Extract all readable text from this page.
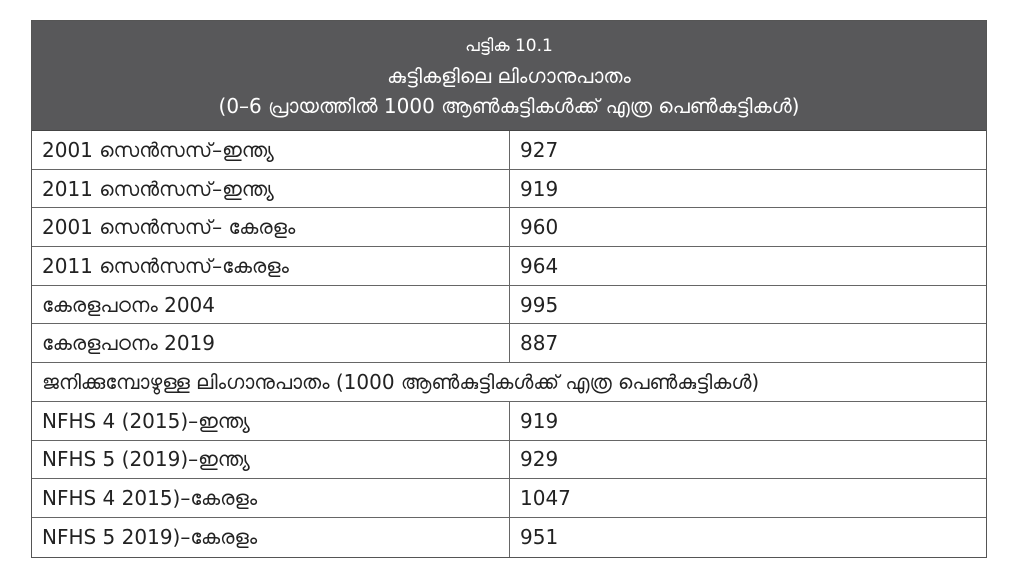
പട്ടിക 10.1
കുട്ടികളിലെ ലിംഗാനുപാതം
(0–6 പ്രായത്തിൽ 1000 ആൺകുട്ടികൾക്ക് എത്ര പെൺകുട്ടികൾ)
2001 സെൻസസ്–ഇന്ത്യ	927
2011 സെൻസസ്–ഇന്ത്യ	919
2001 സെൻസസ്– കേരളം	960
2011 സെൻസസ്–കേരളം	964
കേരളപഠനം 2004	995
കേരളപഠനം 2019	887
ജനിക്കുമ്പോഴുള്ള ലിംഗാനുപാതം (1000 ആൺകുട്ടികൾക്ക് എത്ര പെൺകുട്ടികൾ)
NFHS 4 (2015)–ഇന്ത്യ	919
NFHS 5 (2019)–ഇന്ത്യ	929
NFHS 4 2015)–കേരളം	1047
NFHS 5 2019)–കേരളം	951
